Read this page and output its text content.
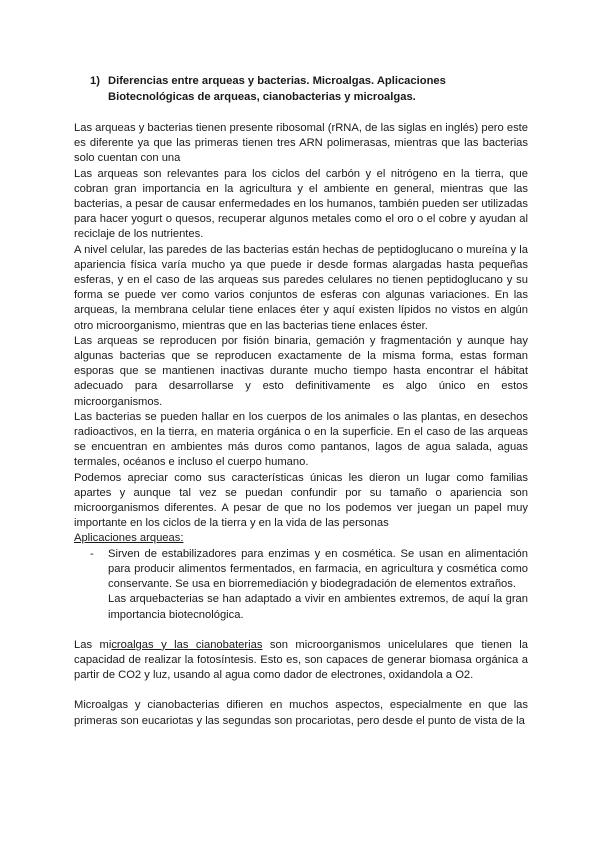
1) Diferencias entre arqueas y bacterias. Microalgas. Aplicaciones Biotecnológicas de arqueas, cianobacterias y microalgas.

Las arqueas y bacterias tienen presente ribosomal (rRNA, de las siglas en inglés) pero este es diferente ya que las primeras tienen tres ARN polimerasas, mientras que las bacterias solo cuentan con una

Las arqueas son relevantes para los ciclos del carbón y el nitrógeno en la tierra, que cobran gran importancia en la agricultura y el ambiente en general, mientras que las bacterias, a pesar de causar enfermedades en los humanos, también pueden ser utilizadas para hacer yogurt o quesos, recuperar algunos metales como el oro o el cobre y ayudan al reciclaje de los nutrientes.

A nivel celular, las paredes de las bacterias están hechas de peptidoglucano o mureína y la apariencia física varía mucho ya que puede ir desde formas alargadas hasta pequeñas esferas, y en el caso de las arqueas sus paredes celulares no tienen peptidoglucano y su forma se puede ver como varios conjuntos de esferas con algunas variaciones. En las arqueas, la membrana celular tiene enlaces éter y aquí existen lípidos no vistos en algún otro microorganismo, mientras que en las bacterias tiene enlaces éster.

Las arqueas se reproducen por fisión binaria, gemación y fragmentación y aunque hay algunas bacterias que se reproducen exactamente de la misma forma, estas forman esporas que se mantienen inactivas durante mucho tiempo hasta encontrar el hábitat adecuado para desarrollarse y esto definitivamente es algo único en estos microorganismos.

Las bacterias se pueden hallar en los cuerpos de los animales o las plantas, en desechos radioactivos, en la tierra, en materia orgánica o en la superficie. En el caso de las arqueas se encuentran en ambientes más duros como pantanos, lagos de agua salada, aguas termales, océanos e incluso el cuerpo humano.

Podemos apreciar como sus características únicas les dieron un lugar como familias apartes y aunque tal vez se puedan confundir por su tamaño o apariencia son microorganismos diferentes. A pesar de que no los podemos ver juegan un papel muy importante en los ciclos de la tierra y en la vida de las personas

Aplicaciones arqueas:

- Sirven de estabilizadores para enzimas y en cosmética. Se usan en alimentación para producir alimentos fermentados, en farmacia, en agricultura y cosmética como conservante. Se usa en biorremediación y biodegradación de elementos extraños.

Las arquebacterias se han adaptado a vivir en ambientes extremos, de aquí la gran importancia biotecnológica.

Las microalgas y las cianobaterias son microorganismos unicelulares que tienen la capacidad de realizar la fotosíntesis. Esto es, son capaces de generar biomasa orgánica a partir de CO2 y luz, usando al agua como dador de electrones, oxidandola a O2.

Microalgas y cianobacterias difieren en muchos aspectos, especialmente en que las primeras son eucariotas y las segundas son procariotas, pero desde el punto de vista de la
